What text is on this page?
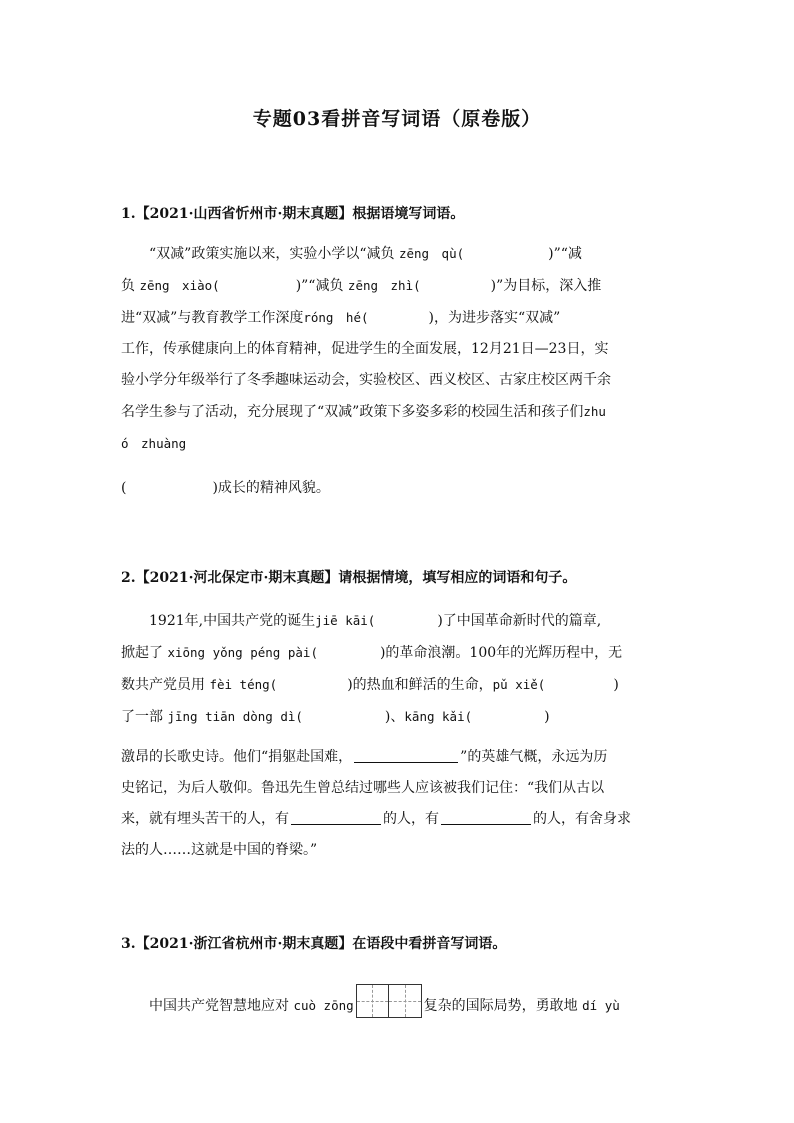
专题03看拼音写词语（原卷版）
1.【2021·山西省忻州市·期末真题】根据语境写词语。
“双减”政策实施以来，实验小学以“减负 zēng　qù(	)”“减
负 zēng　xiào(	)”“减负 zēng　zhì(	)”为目标，深入推
进“双减”与教育教学工作深度róng　hé(	)，为进步落实“双减”
工作，传承健康向上的体育精神，促进学生的全面发展，12月21日—23日，实
验小学分年级举行了冬季趣味运动会，实验校区、西义校区、古家庄校区两千余
名学生参与了活动，充分展现了“双减”政策下多姿多彩的校园生活和孩子们zhu
ó　zhuàng
(	)成长的精神风貌。
2.【2021·河北保定市·期末真题】请根据情境，填写相应的词语和句子。
1921年,中国共产党的诞生jiē kāi(	)了中国革命新时代的篇章,
掀起了 xiōng yǒng péng pài(	)的革命浪潮。100年的光辉历程中，无
数共产党员用 fèi téng(	)的热血和鲜活的生命，pǔ xiě(	)
了一部 jīng tiān dòng dì(	)、kāng kǎi(	)
激昂的长歌史诗。他们“捐躯赴国难，	”的英雄气概，永远为历
史铭记，为后人敬仰。鲁迅先生曾总结过哪些人应该被我们记住：“我们从古以
来，就有埋头苦干的人，有	的人，有	的人，有舍身求
法的人……这就是中国的脊梁。”
3.【2021·浙江省杭州市·期末真题】在语段中看拼音写词语。
中国共产党智慧地应对 cuò zōng	复杂的国际局势，勇敢地 dí yù
